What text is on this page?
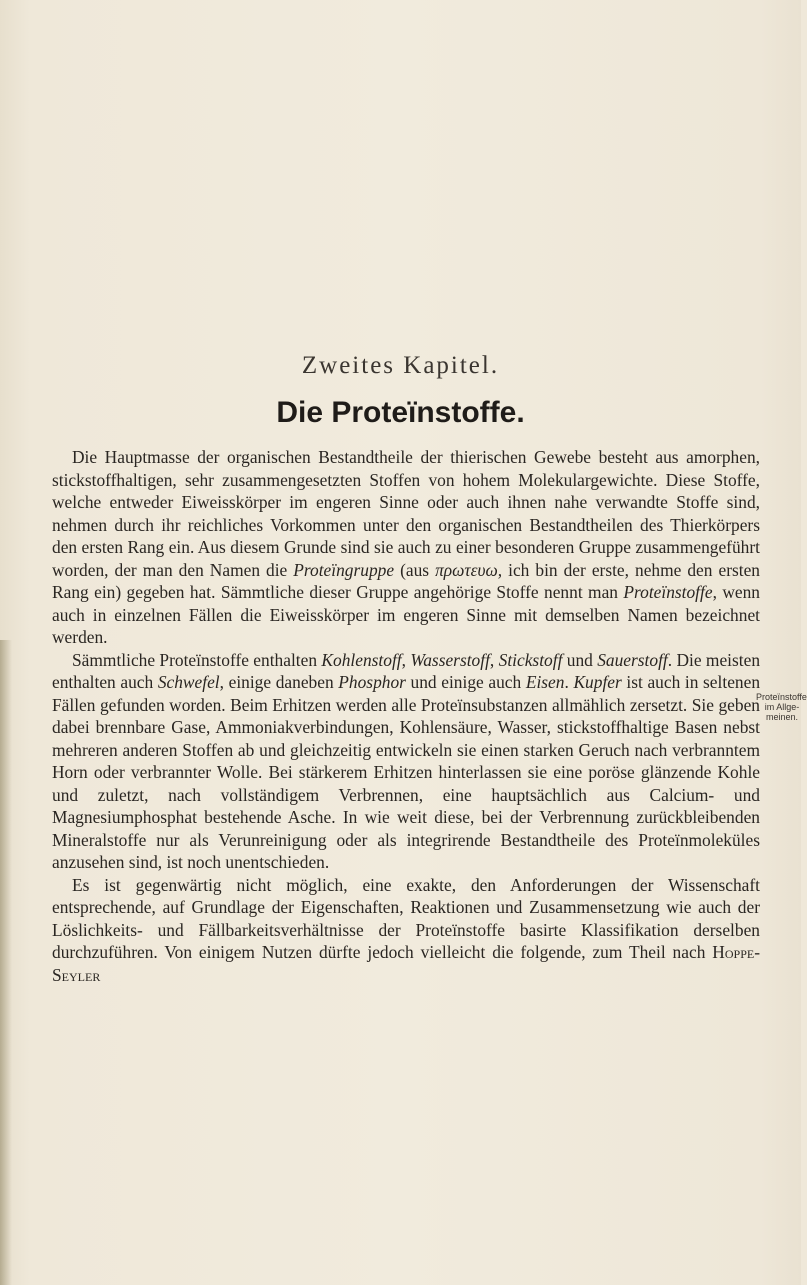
Zweites Kapitel.
Die Proteïnstoffe.

Die Hauptmasse der organischen Bestandtheile der thierischen Gewebe besteht aus amorphen, stickstoffhaltigen, sehr zusammengesetzten Stoffen von hohem Molekulargewichte. Diese Stoffe, welche entweder Eiweisskörper im engeren Sinne oder auch ihnen nahe verwandte Stoffe sind, nehmen durch ihr reichliches Vorkommen unter den organischen Bestandtheilen des Thierkörpers den ersten Rang ein. Aus diesem Grunde sind sie auch zu einer besonderen Gruppe zusammengeführt worden, der man den Namen die Proteïngruppe (aus πρωτευω, ich bin der erste, nehme den ersten Rang ein) gegeben hat. Sämmtliche dieser Gruppe angehörige Stoffe nennt man Proteïnstoffe, wenn auch in einzelnen Fällen die Eiweisskörper im engeren Sinne mit demselben Namen bezeichnet werden.

Sämmtliche Proteïnstoffe enthalten Kohlenstoff, Wasserstoff, Stickstoff und Sauerstoff. Die meisten enthalten auch Schwefel, einige daneben Phosphor und einige auch Eisen. Kupfer ist auch in seltenen Fällen gefunden worden. Beim Erhitzen werden alle Proteïnsubstanzen allmählich zersetzt. Sie geben dabei brennbare Gase, Ammoniakverbindungen, Kohlensäure, Wasser, stickstoffhaltige Basen nebst mehreren anderen Stoffen ab und gleichzeitig entwickeln sie einen starken Geruch nach verbranntem Horn oder verbrannter Wolle. Bei stärkerem Erhitzen hinterlassen sie eine poröse glänzende Kohle und zuletzt, nach vollständigem Verbrennen, eine hauptsächlich aus Calcium- und Magnesiumphosphat bestehende Asche. In wie weit diese, bei der Verbrennung zurückbleibenden Mineralstoffe nur als Verunreinigung oder als integrirende Bestandtheile des Proteïnmoleküles anzusehen sind, ist noch unentschieden.

Es ist gegenwärtig nicht möglich, eine exakte, den Anforderungen der Wissenschaft entsprechende, auf Grundlage der Eigenschaften, Reaktionen und Zusammensetzung wie auch der Löslichkeits- und Fällbarkeitsverhältnisse der Proteïnstoffe basirte Klassifikation derselben durchzuführen. Von einigem Nutzen dürfte jedoch vielleicht die folgende, zum Theil nach Hoppe-Seyler

Proteïnstoffe
im Allge-
meinen.
